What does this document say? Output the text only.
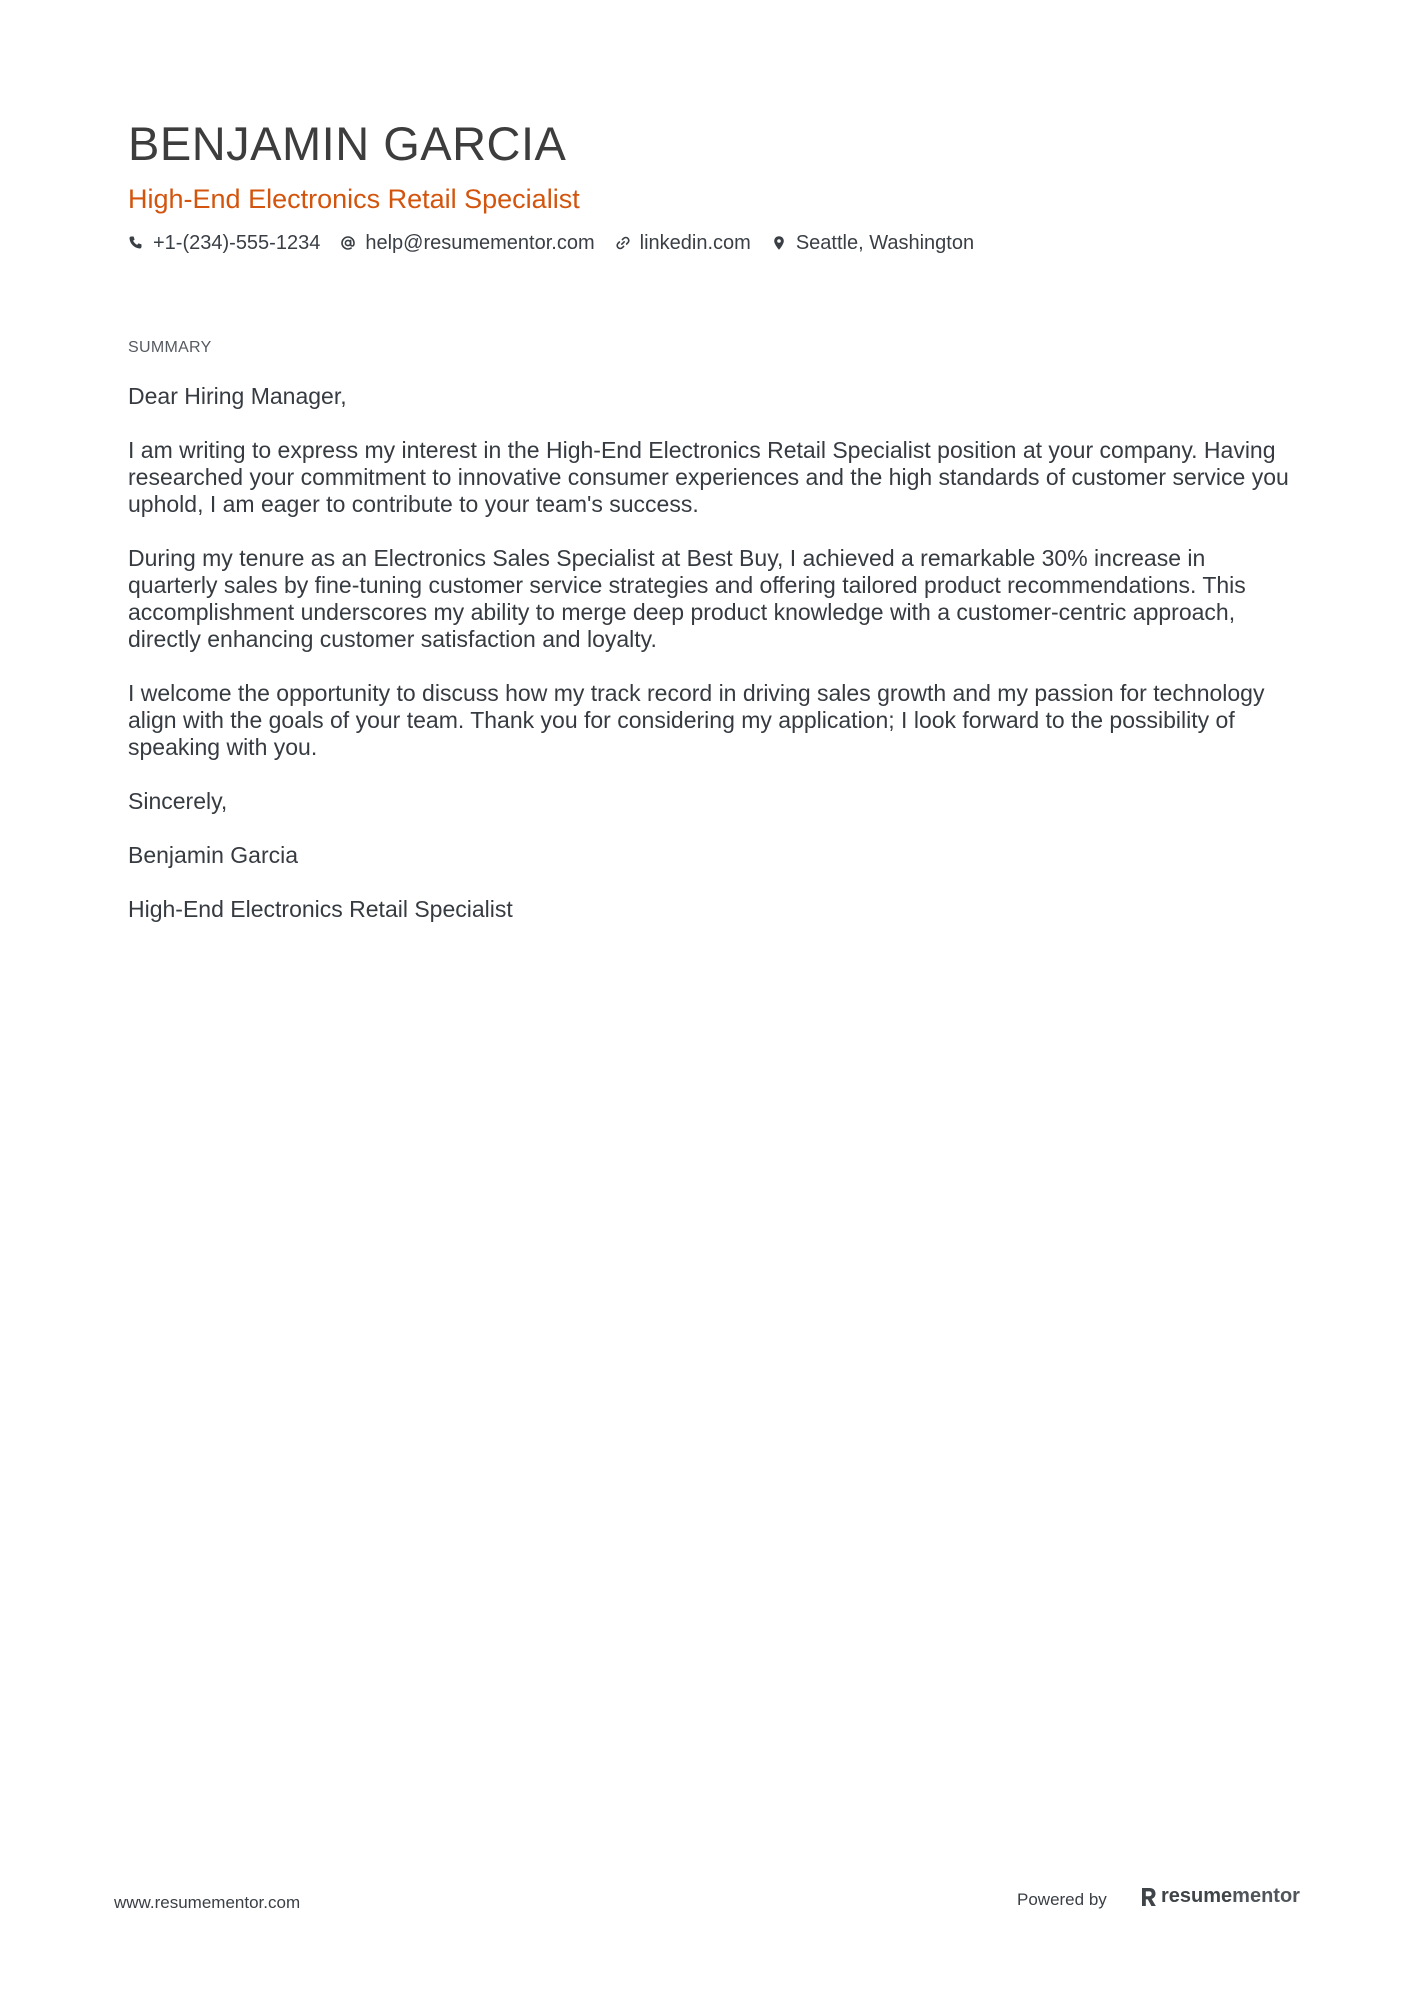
BENJAMIN GARCIA
High-End Electronics Retail Specialist
+1-(234)-555-1234 help@resumementor.com linkedin.com Seattle, Washington
SUMMARY

Dear Hiring Manager,

I am writing to express my interest in the High-End Electronics Retail Specialist position at your company. Having researched your commitment to innovative consumer experiences and the high standards of customer service you uphold, I am eager to contribute to your team's success.

During my tenure as an Electronics Sales Specialist at Best Buy, I achieved a remarkable 30% increase in quarterly sales by fine-tuning customer service strategies and offering tailored product recommendations. This accomplishment underscores my ability to merge deep product knowledge with a customer-centric approach, directly enhancing customer satisfaction and loyalty.

I welcome the opportunity to discuss how my track record in driving sales growth and my passion for technology align with the goals of your team. Thank you for considering my application; I look forward to the possibility of speaking with you.

Sincerely,

Benjamin Garcia

High-End Electronics Retail Specialist

www.resumementor.com	Powered by	resume mentor
